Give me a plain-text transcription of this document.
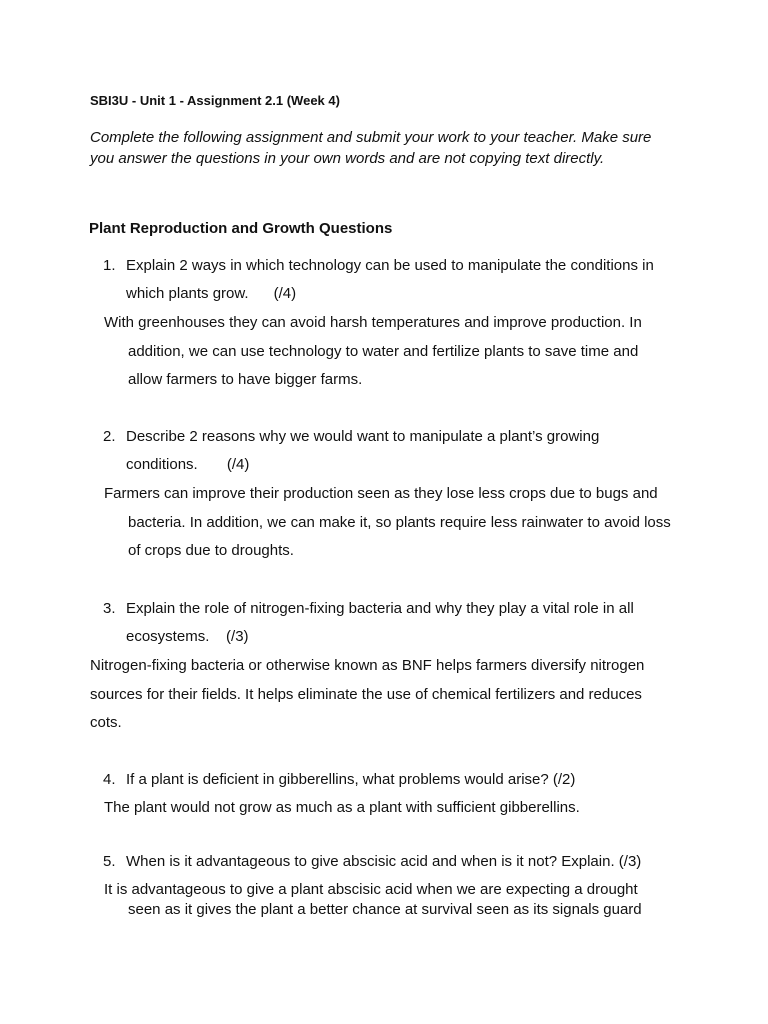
SBI3U - Unit 1 - Assignment 2.1 (Week 4)
Complete the following assignment and submit your work to your teacher. Make sure you answer the questions in your own words and are not copying text directly.
Plant Reproduction and Growth Questions
1. Explain 2 ways in which technology can be used to manipulate the conditions in which plants grow.      (/4)
With greenhouses they can avoid harsh temperatures and improve production. In addition, we can use technology to water and fertilize plants to save time and allow farmers to have bigger farms.
2. Describe 2 reasons why we would want to manipulate a plant’s growing conditions.       (/4)
Farmers can improve their production seen as they lose less crops due to bugs and bacteria. In addition, we can make it, so plants require less rainwater to avoid loss of crops due to droughts.
3. Explain the role of nitrogen-fixing bacteria and why they play a vital role in all ecosystems.    (/3)
Nitrogen-fixing bacteria or otherwise known as BNF helps farmers diversify nitrogen sources for their fields. It helps eliminate the use of chemical fertilizers and reduces cots.
4. If a plant is deficient in gibberellins, what problems would arise? (/2)
The plant would not grow as much as a plant with sufficient gibberellins.
5. When is it advantageous to give abscisic acid and when is it not? Explain. (/3)
It is advantageous to give a plant abscisic acid when we are expecting a drought seen as it gives the plant a better chance at survival seen as its signals guard
